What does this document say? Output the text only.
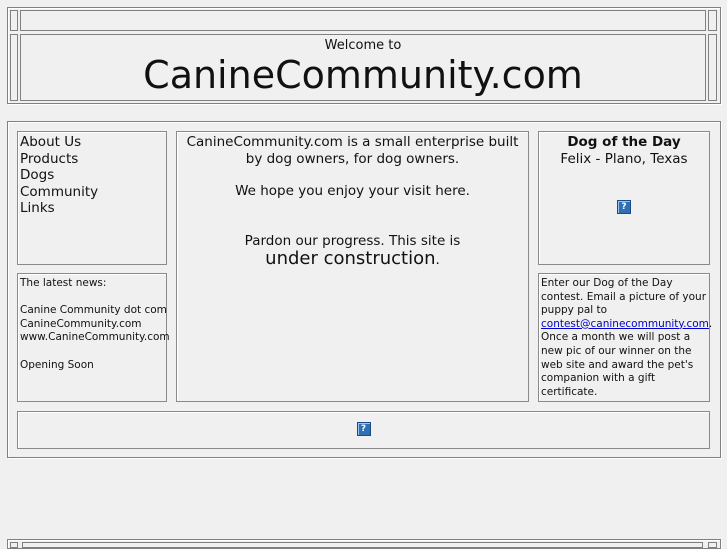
Welcome to
CanineCommunity.com
About Us
Products
Dogs
Community
Links
The latest news:
Canine Community dot com
CanineCommunity.com
www.CanineCommunity.com
Opening Soon
CanineCommunity.com is a small enterprise built by dog owners, for dog owners.
We hope you enjoy your visit here.
Pardon our progress. This site is
under construction.
Dog of the Day
Felix - Plano, Texas
?
Enter our Dog of the Day contest. Email a picture of your puppy pal to contest@caninecommunity.com. Once a month we will post a new pic of our winner on the web site and award the pet's companion with a gift certificate.
?
